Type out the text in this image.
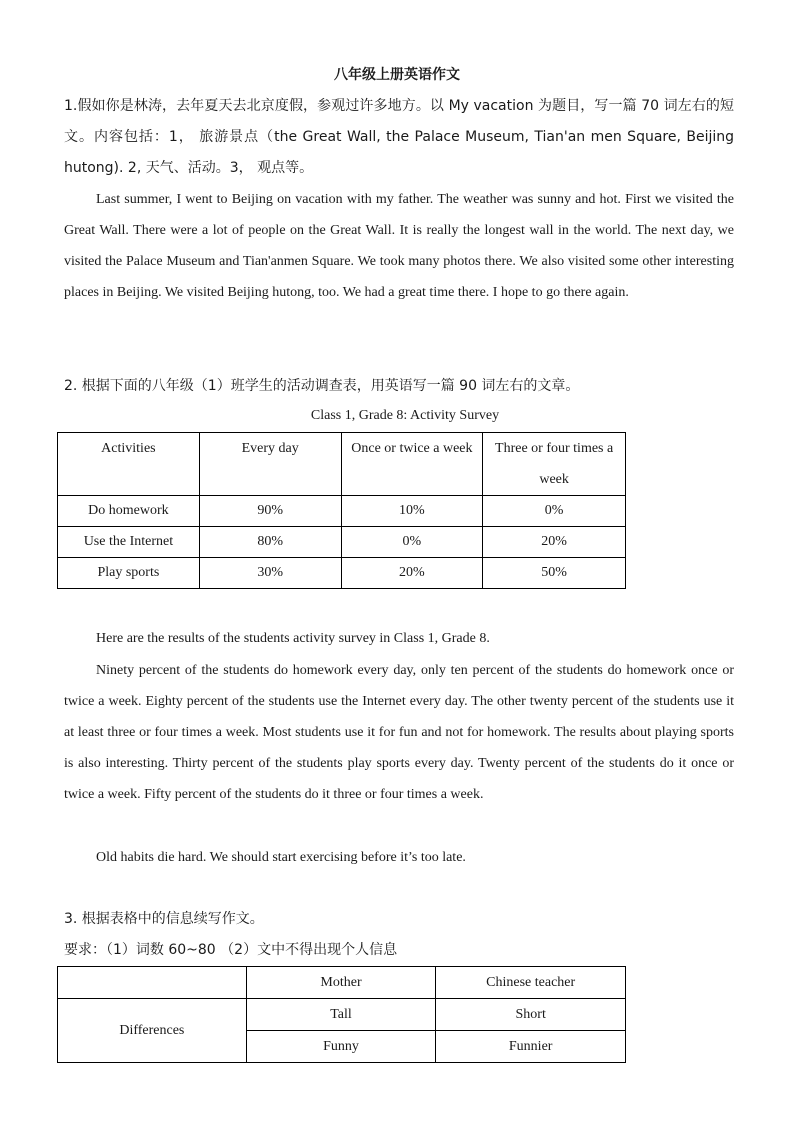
八年级上册英语作文

1.假如你是林涛，去年夏天去北京度假，参观过许多地方。以 My vacation 为题目，写一篇 70 词左右的短文。内容包括：1， 旅游景点（the Great Wall, the Palace Museum, Tian'an men Square, Beijing hutong). 2, 天气、活动。3， 观点等。

Last summer, I went to Beijing on vacation with my father. The weather was sunny and hot. First we visited the Great Wall. There were a lot of people on the Great Wall. It is really the longest wall in the world. The next day, we visited the Palace Museum and Tian'anmen Square. We took many photos there. We also visited some other interesting places in Beijing. We visited Beijing hutong, too. We had a great time there. I hope to go there again.

2. 根据下面的八年级（1）班学生的活动调查表，用英语写一篇 90 词左右的文章。

Class 1, Grade 8: Activity Survey
Activities	Every day	Once or twice a week	Three or four times a week
Do homework	90%	10%	0%
Use the Internet	80%	0%	20%
Play sports	30%	20%	50%

Here are the results of the students activity survey in Class 1, Grade 8.

Ninety percent of the students do homework every day, only ten percent of the students do homework once or twice a week. Eighty percent of the students use the Internet every day. The other twenty percent of the students use it at least three or four times a week. Most students use it for fun and not for homework. The results about playing sports is also interesting. Thirty percent of the students play sports every day. Twenty percent of the students do it once or twice a week. Fifty percent of the students do it three or four times a week.

Old habits die hard. We should start exercising before it’s too late.

3. 根据表格中的信息续写作文。

要求：（1）词数 60~80 （2）文中不得出现个人信息

	Mother	Chinese teacher
Differences	Tall	Short
	Funny	Funnier
